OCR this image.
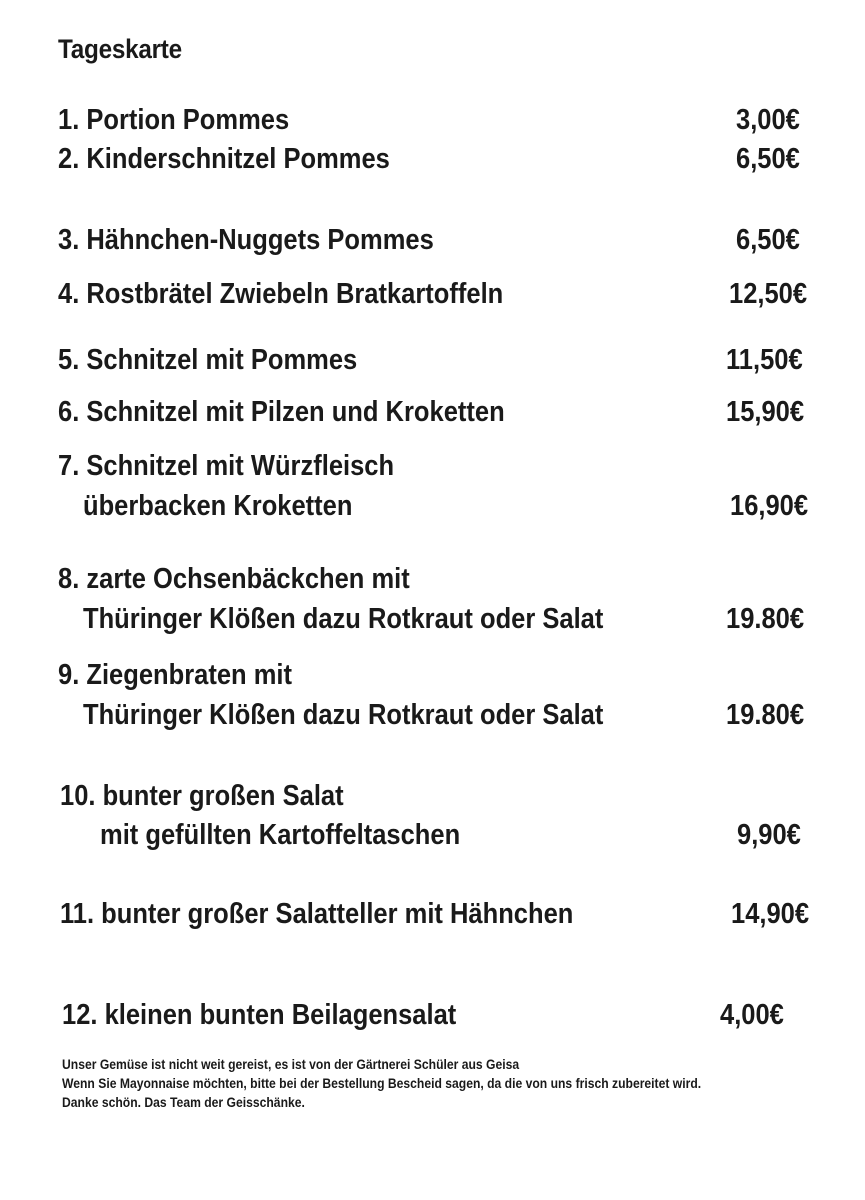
Tageskarte
1. Portion Pommes	3,00€
2. Kinderschnitzel Pommes	6,50€
3. Hähnchen-Nuggets Pommes	6,50€
4. Rostbrätel Zwiebeln Bratkartoffeln	12,50€
5. Schnitzel mit Pommes	11,50€
6. Schnitzel mit Pilzen und Kroketten	15,90€
7. Schnitzel mit Würzfleisch
überbacken Kroketten	16,90€
8. zarte Ochsenbäckchen mit
Thüringer Klößen dazu Rotkraut oder Salat	19.80€
9. Ziegenbraten mit
Thüringer Klößen dazu Rotkraut oder Salat	19.80€
10. bunter großen Salat
mit gefüllten Kartoffeltaschen	9,90€
11. bunter großer Salatteller mit Hähnchen	14,90€
12. kleinen bunten Beilagensalat	4,00€
Unser Gemüse ist nicht weit gereist, es ist von der Gärtnerei Schüler aus Geisa
Wenn Sie Mayonnaise möchten, bitte bei der Bestellung Bescheid sagen, da die von uns frisch zubereitet wird.
Danke schön. Das Team der Geisschänke.
